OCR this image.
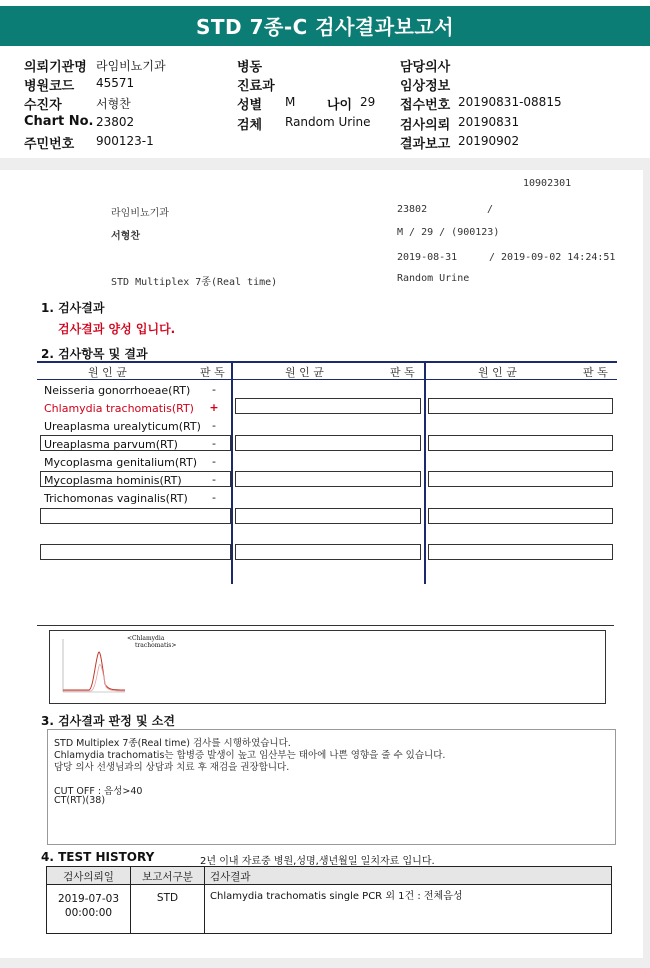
STD 7종-C 검사결과보고서
의뢰기관명 라임비뇨기과
병원코드 45571
수진자	서형찬
Chart No. 23802
주민번호 900123-1
병동
진료과
성별 M 나이 29
검체 Random Urine
담당의사
임상정보
접수번호 20190831-08815
검사의뢰 20190831
결과보고 20190902
10902301
라임비뇨기과	23802	/
서형찬	M / 29 / (900123)
2019-08-31	/ 2019-09-02 14:24:51
STD Multiplex 7종(Real time)	Random Urine
1. 검사결과
검사결과 양성 입니다.
2. 검사항목 및 결과
원 인 균	판 독	원 인 균	판 독	원 인 균	판 독
Neisseria gonorrhoeae(RT)	-
Chlamydia trachomatis(RT)	+
Ureaplasma urealyticum(RT)	-
Ureaplasma parvum(RT)	-
Mycoplasma genitalium(RT)	-
Mycoplasma hominis(RT)	-
Trichomonas vaginalis(RT)	-
<Chlamydia
trachomatis>
3. 검사결과 판정 및 소견
STD Multiplex 7종(Real time) 검사를 시행하였습니다.
Chlamydia trachomatis는 합병증 발생이 높고 임산부는 태아에 나쁜 영향을 줄 수 있습니다.
담당 의사 선생님과의 상담과 치료 후 재검을 권장합니다.
CUT OFF : 음성>40
CT(RT)(38)
4. TEST HISTORY	2년 이내 자료중 병원,성명,생년월일 일치자료 입니다.
검사의뢰일	보고서구분	검사결과
2019-07-03
00:00:00
STD	Chlamydia trachomatis single PCR 외 1건 : 전체음성
